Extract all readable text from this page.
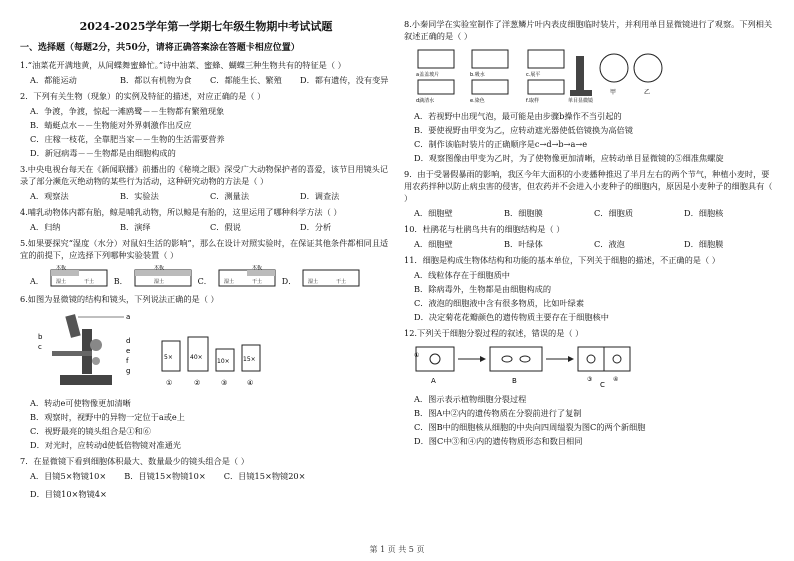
2024-2025学年第一学期七年级生物期中考试试题
一、选择题（每题2分，共50分，请将正确答案涂在答题卡相应位置）
1.“油菜花开满地黄，从间蝶舞蜜蜂忙。”诗中油菜、蜜蜂、蝴蝶三种生物共有的特征是（ ）
A．都能运动	B．都以有机物为食 C．都能生长、繁殖 D．都有遗传，没有变异
2．下列有关生物（现象）的实例及特征的描述，对应正确的是（ ）
A．争渡，争渡，惊起一滩鸥鹭－－生物都有繁殖现象
B．蜻蜓点水－－生物能对外界刺激作出反应
C．庄稼一枝花，全靠肥当家－－生物的生活需要营养
D．新冠病毒－－生物都是由细胞构成的
3.中央电视台每天在《新闻联播》前播出的《秘境之眼》深受广大动物保护者的喜爱，该节目用镜头记录了部分濒危灭绝动物的某些行为活动，这种研究动物的方法是（ ）
A．观察法	B．实验法	C．测量法	D．调查法
4.哺乳动物体内都有胎，鲸是哺乳动物，所以鲸是有胎的，这里运用了哪种科学方法（ ）
A．归纳	B．演绎	C．假说	D．分析
5.如果要探究“湿度（水分）对鼠妇生活的影响”，那么在设计对照实验时，在保证其他条件都相同且适宜的前提下，应选择下列哪种实验装置（ ）
A．
木板
湿土	干土 B．
木板
湿土	C．
木板
湿土	干土 D． 湿土	干土
6.如图为显微镜的结构和镜头，下列说法正确的是（ ）
a
b
c
d
e
f
g
5×
①
40×
②
10×
③
15×
④
A．转动e可使物像更加清晰
B．观察时，视野中的异物一定位于a或e上
C．视野最亮的镜头组合是①和⑥
D．对光时，应转动d使低倍物镜对准通光
7．在显微镜下看到细胞体积最大、数量最少的镜头组合是（ ）
A．目镜5×物镜10× B．目镜15×物镜10× C．目镜15×物镜20×
D．目镜10×物镜4×
8.小秦同学在实验室制作了洋葱鳞片叶内表皮细胞临时装片，并利用单目显微镜进行了观察。下列相关叙述正确的是（ ）
a盖盖玻片	b.吸水	c.展平
d滴清水	e.染色	f.取样	单目显微镜
甲	乙
A．若视野中出现气泡，最可能是由步骤b操作不当引起的
B．要使视野由甲变为乙，应转动遮光器使低倍镜换为高倍镜
C．制作该临时装片的正确顺序是c→d→b→a→e
D．观察图像由甲变为乙时，为了使物像更加清晰，应转动单目显微镜的⑤细准焦螺旋
9．由于受暑假暴雨的影响，我区今年大面积的小麦播种推迟了半月左右的两个节气，种植小麦时，要用农药拌种以防止病虫害的侵害，但农药并不会进入小麦种子的细胞内，原因是小麦种子的细胞具有（ ）
A．细胞壁	B．细胞膜	C．细胞质	D．细胞核
10．杜鹃花与杜鹃鸟共有的细胞结构是（ ）
A．细胞壁	B．叶绿体	C．液泡	D．细胞膜
11．细胞是构成生物体结构和功能的基本单位，下列关于细胞的描述，不正确的是（ ）
A．线粒体存在于细胞质中
B．除病毒外，生物都是由细胞构成的
C．液泡的细胞液中含有很多物质，比如叶绿素
D．决定菊花花瓣颜色的遗传物质主要存在于细胞核中
12.下列关于细胞分裂过程的叙述，错误的是（ ）
①
A	B	③	④
C
A．图示表示植物细胞分裂过程
B．图A中②内的遗传物质在分裂前进行了复制
C．图B中的细胞核从细胞的中央向四周缢裂为图C的两个新细胞
D．图C中③和④内的遗传物质形态和数目相同
第 1 页 共 5 页
